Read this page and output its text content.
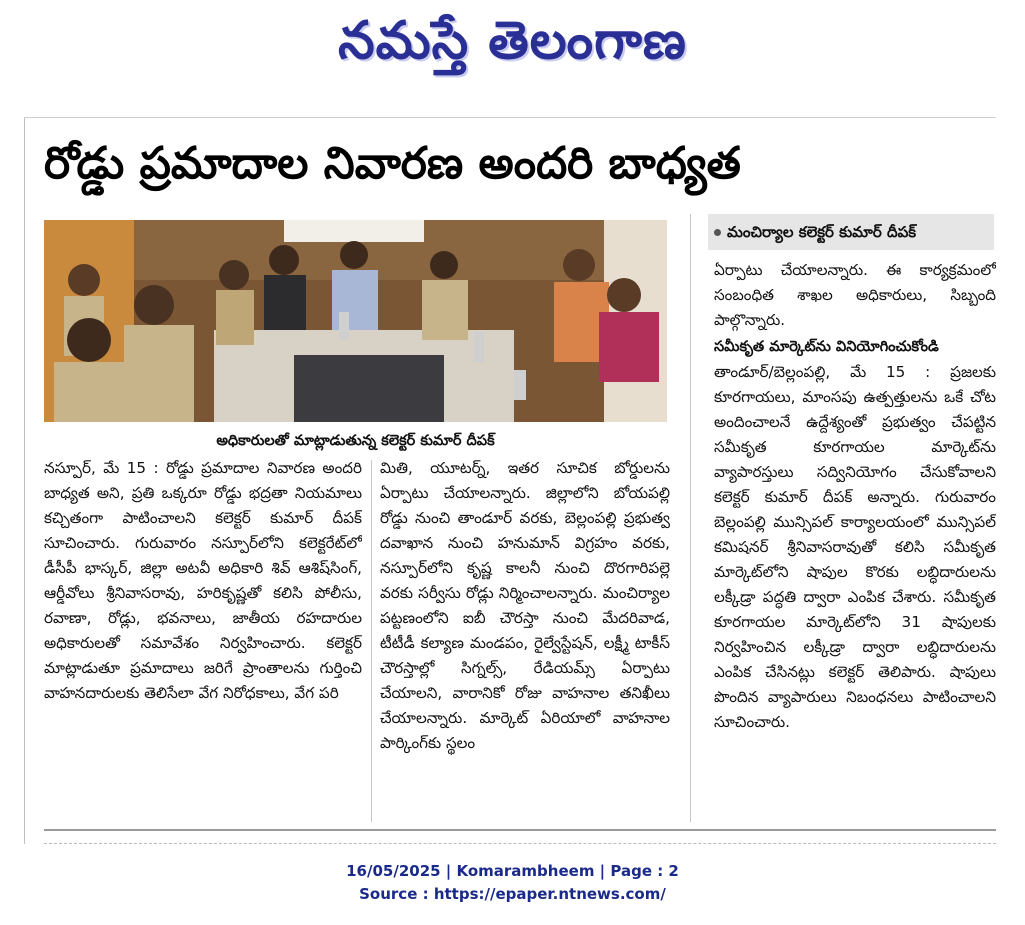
నమస్తే తెలంగాణ
రోడ్డు ప్రమాదాల నివారణ అందరి బాధ్యత
అధికారులతో మాట్లాడుతున్న కలెక్టర్ కుమార్ దీపక్
మంచిర్యాల కలెక్టర్ కుమార్ దీపక్
నస్పూర్, మే 15 : రోడ్డు ప్రమాదాల నివారణ అందరి బాధ్యత అని, ప్రతి ఒక్కరూ రోడ్డు భద్రతా నియమాలు కచ్చితంగా పాటించాలని కలెక్టర్ కుమార్ దీపక్ సూచించారు. గురువారం నస్పూర్‌లోని కలెక్టరేట్‌లో డీసీపీ భాస్కర్, జిల్లా అటవీ అధికారి శివ్ ఆశిష్‌సింగ్, ఆర్డీవోలు శ్రీనివాసరావు, హరికృష్ణతో కలిసి పోలీసు, రవాణా, రోడ్లు, భవనాలు, జాతీయ రహదారుల అధికారులతో సమావేశం నిర్వహించారు. కలెక్టర్ మాట్లాడుతూ ప్రమాదాలు జరిగే ప్రాంతాలను గుర్తించి వాహనదారులకు తెలిసేలా వేగ నిరోధకాలు, వేగ పరి
మితి, యూటర్న్, ఇతర సూచిక బోర్డులను ఏర్పాటు చేయాలన్నారు. జిల్లాలోని బోయపల్లి రోడ్డు నుంచి తాండూర్ వరకు, బెల్లంపల్లి ప్రభుత్వ దవాఖాన నుంచి హనుమాన్ విగ్రహం వరకు, నస్పూర్‌లోని కృష్ణ కాలనీ నుంచి దొరగారిపల్లె వరకు సర్వీసు రోడ్లు నిర్మించాలన్నారు. మంచిర్యాల పట్టణంలోని ఐబీ చౌరస్తా నుంచి మేదరివాడ, టీటీడీ కల్యాణ మండపం, రైల్వేస్టేషన్, లక్ష్మీ టాకీస్ చౌరస్తాల్లో సిగ్నల్స్, రేడియమ్స్ ఏర్పాటు చేయాలని, వారానికో రోజు వాహనాల తనిఖీలు చేయాలన్నారు. మార్కెట్ ఏరియాలో వాహనాల పార్కింగ్‌కు స్థలం
ఏర్పాటు చేయాలన్నారు. ఈ కార్యక్రమంలో సంబంధిత శాఖల అధికారులు, సిబ్బంది పాల్గొన్నారు.
సమీకృత మార్కెట్‌ను వినియోగించుకోండి
తాండూర్/బెల్లంపల్లి, మే 15 : ప్రజలకు కూరగాయలు, మాంసపు ఉత్పత్తులను ఒకే చోట అందించాలనే ఉద్దేశ్యంతో ప్రభుత్వం చేపట్టిన సమీకృత కూరగాయల మార్కెట్‌ను వ్యాపారస్తులు సద్వినియోగం చేసుకోవాలని కలెక్టర్ కుమార్ దీపక్ అన్నారు. గురువారం బెల్లంపల్లి మున్సిపల్ కార్యాలయంలో మున్సిపల్ కమిషనర్ శ్రీనివాసరావుతో కలిసి సమీకృత మార్కెట్‌లోని షాపుల కొరకు లబ్ధిదారులను లక్కీడ్రా పద్ధతి ద్వారా ఎంపిక చేశారు. సమీకృత కూరగాయల మార్కెట్‌లోని 31 షాపులకు నిర్వహించిన లక్కీడ్రా ద్వారా లబ్ధిదారులను ఎంపిక చేసినట్లు కలెక్టర్ తెలిపారు. షాపులు పొందిన వ్యాపారులు నిబంధనలు పాటించాలని సూచించారు.
16/05/2025 | Komarambheem | Page : 2
Source : https://epaper.ntnews.com/
